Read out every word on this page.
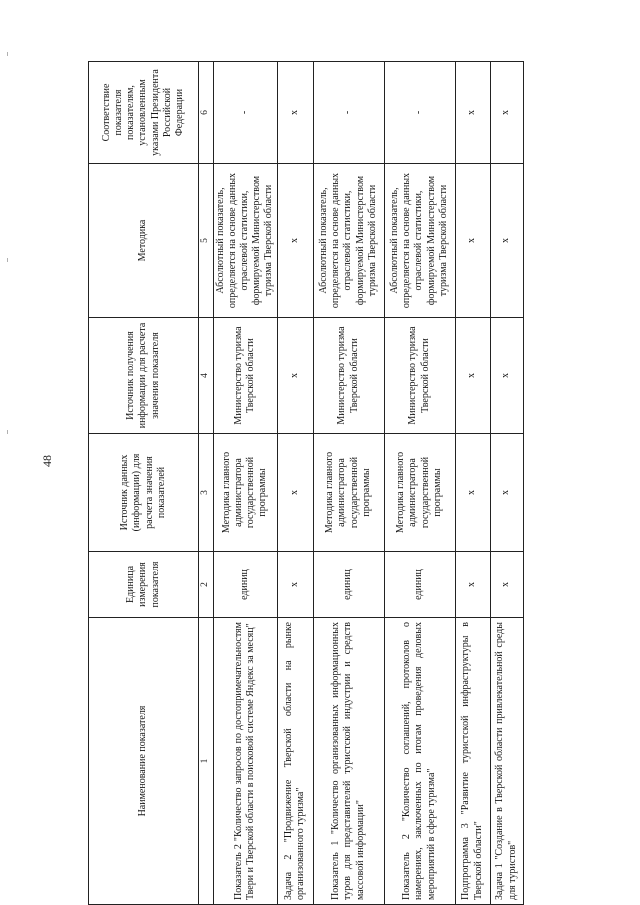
48
Наименование показателя	Единица измерения показателя	Источник данных (информации) для расчета значения показателей	Источник получения информации для расчета значения показателя	Методика	Соответствие показателя показателям, установленным указами Президента Российской Федерации
1	2	3	4	5	6
Показатель 2 "Количество запросов по достопримечательностям Твери и Тверской области в поисковой системе Яндекс за месяц"	единиц	Методика главного администратора государственной программы	Министерство туризма Тверской области	Абсолютный показатель, определяется на основе данных отраслевой статистики, формируемой Министерством туризма Тверской области	-
Задача 2 "Продвижение Тверской области на рынке организованного туризма"	х	х	х	х	х
Показатель 1 "Количество организованных информационных туров для представителей туристской индустрии и средств массовой информации"	единиц	Методика главного администратора государственной программы	Министерство туризма Тверской области	Абсолютный показатель, определяется на основе данных отраслевой статистики, формируемой Министерством туризма Тверской области	-
Показатель 2 "Количество соглашений, протоколов о намерениях, заключенных по итогам проведения деловых мероприятий в сфере туризма"	единиц	Методика главного администратора государственной программы	Министерство туризма Тверской области	Абсолютный показатель, определяется на основе данных отраслевой статистики, формируемой Министерством туризма Тверской области	-
Подпрограмма 3 "Развитие туристской инфраструктуры в Тверской области"	х	х	х	х	х
Задача 1 "Создание в Тверской области привлекательной среды для туристов"	х	х	х	х	х
